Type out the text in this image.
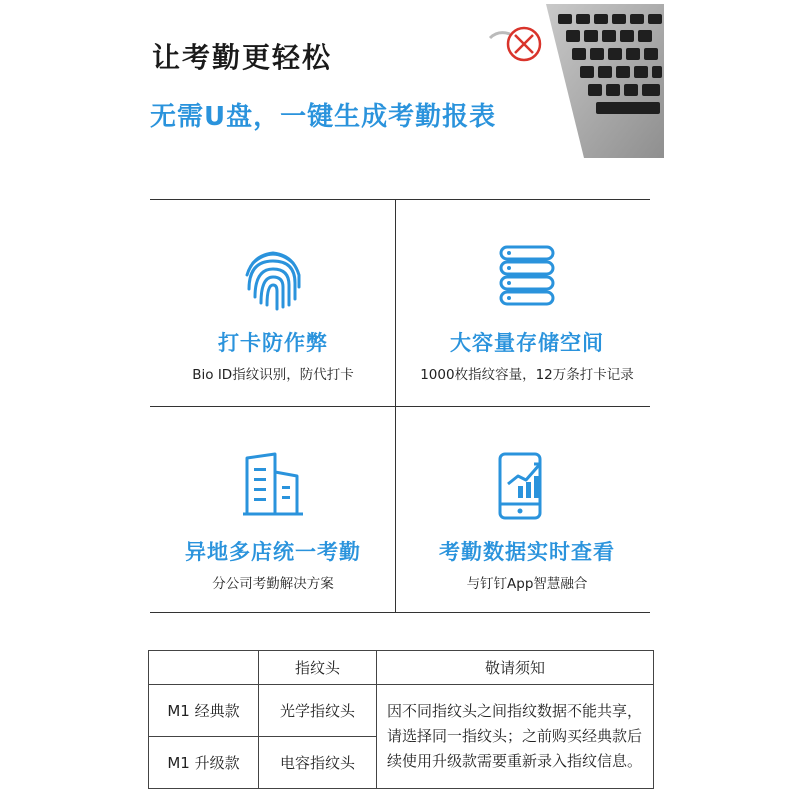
让考勤更轻松
无需U盘，一键生成考勤报表
打卡防作弊
Bio ID指纹识别，防代打卡
大容量存储空间
1000枚指纹容量，12万条打卡记录
异地多店统一考勤
分公司考勤解决方案
考勤数据实时查看
与钉钉App智慧融合
	指纹头	敬请须知
M1 经典款	光学指纹头	因不同指纹头之间指纹数据不能共享，请选择同一指纹头；之前购买经典款后续使用升级款需要重新录入指纹信息。
M1 升级款	电容指纹头	
